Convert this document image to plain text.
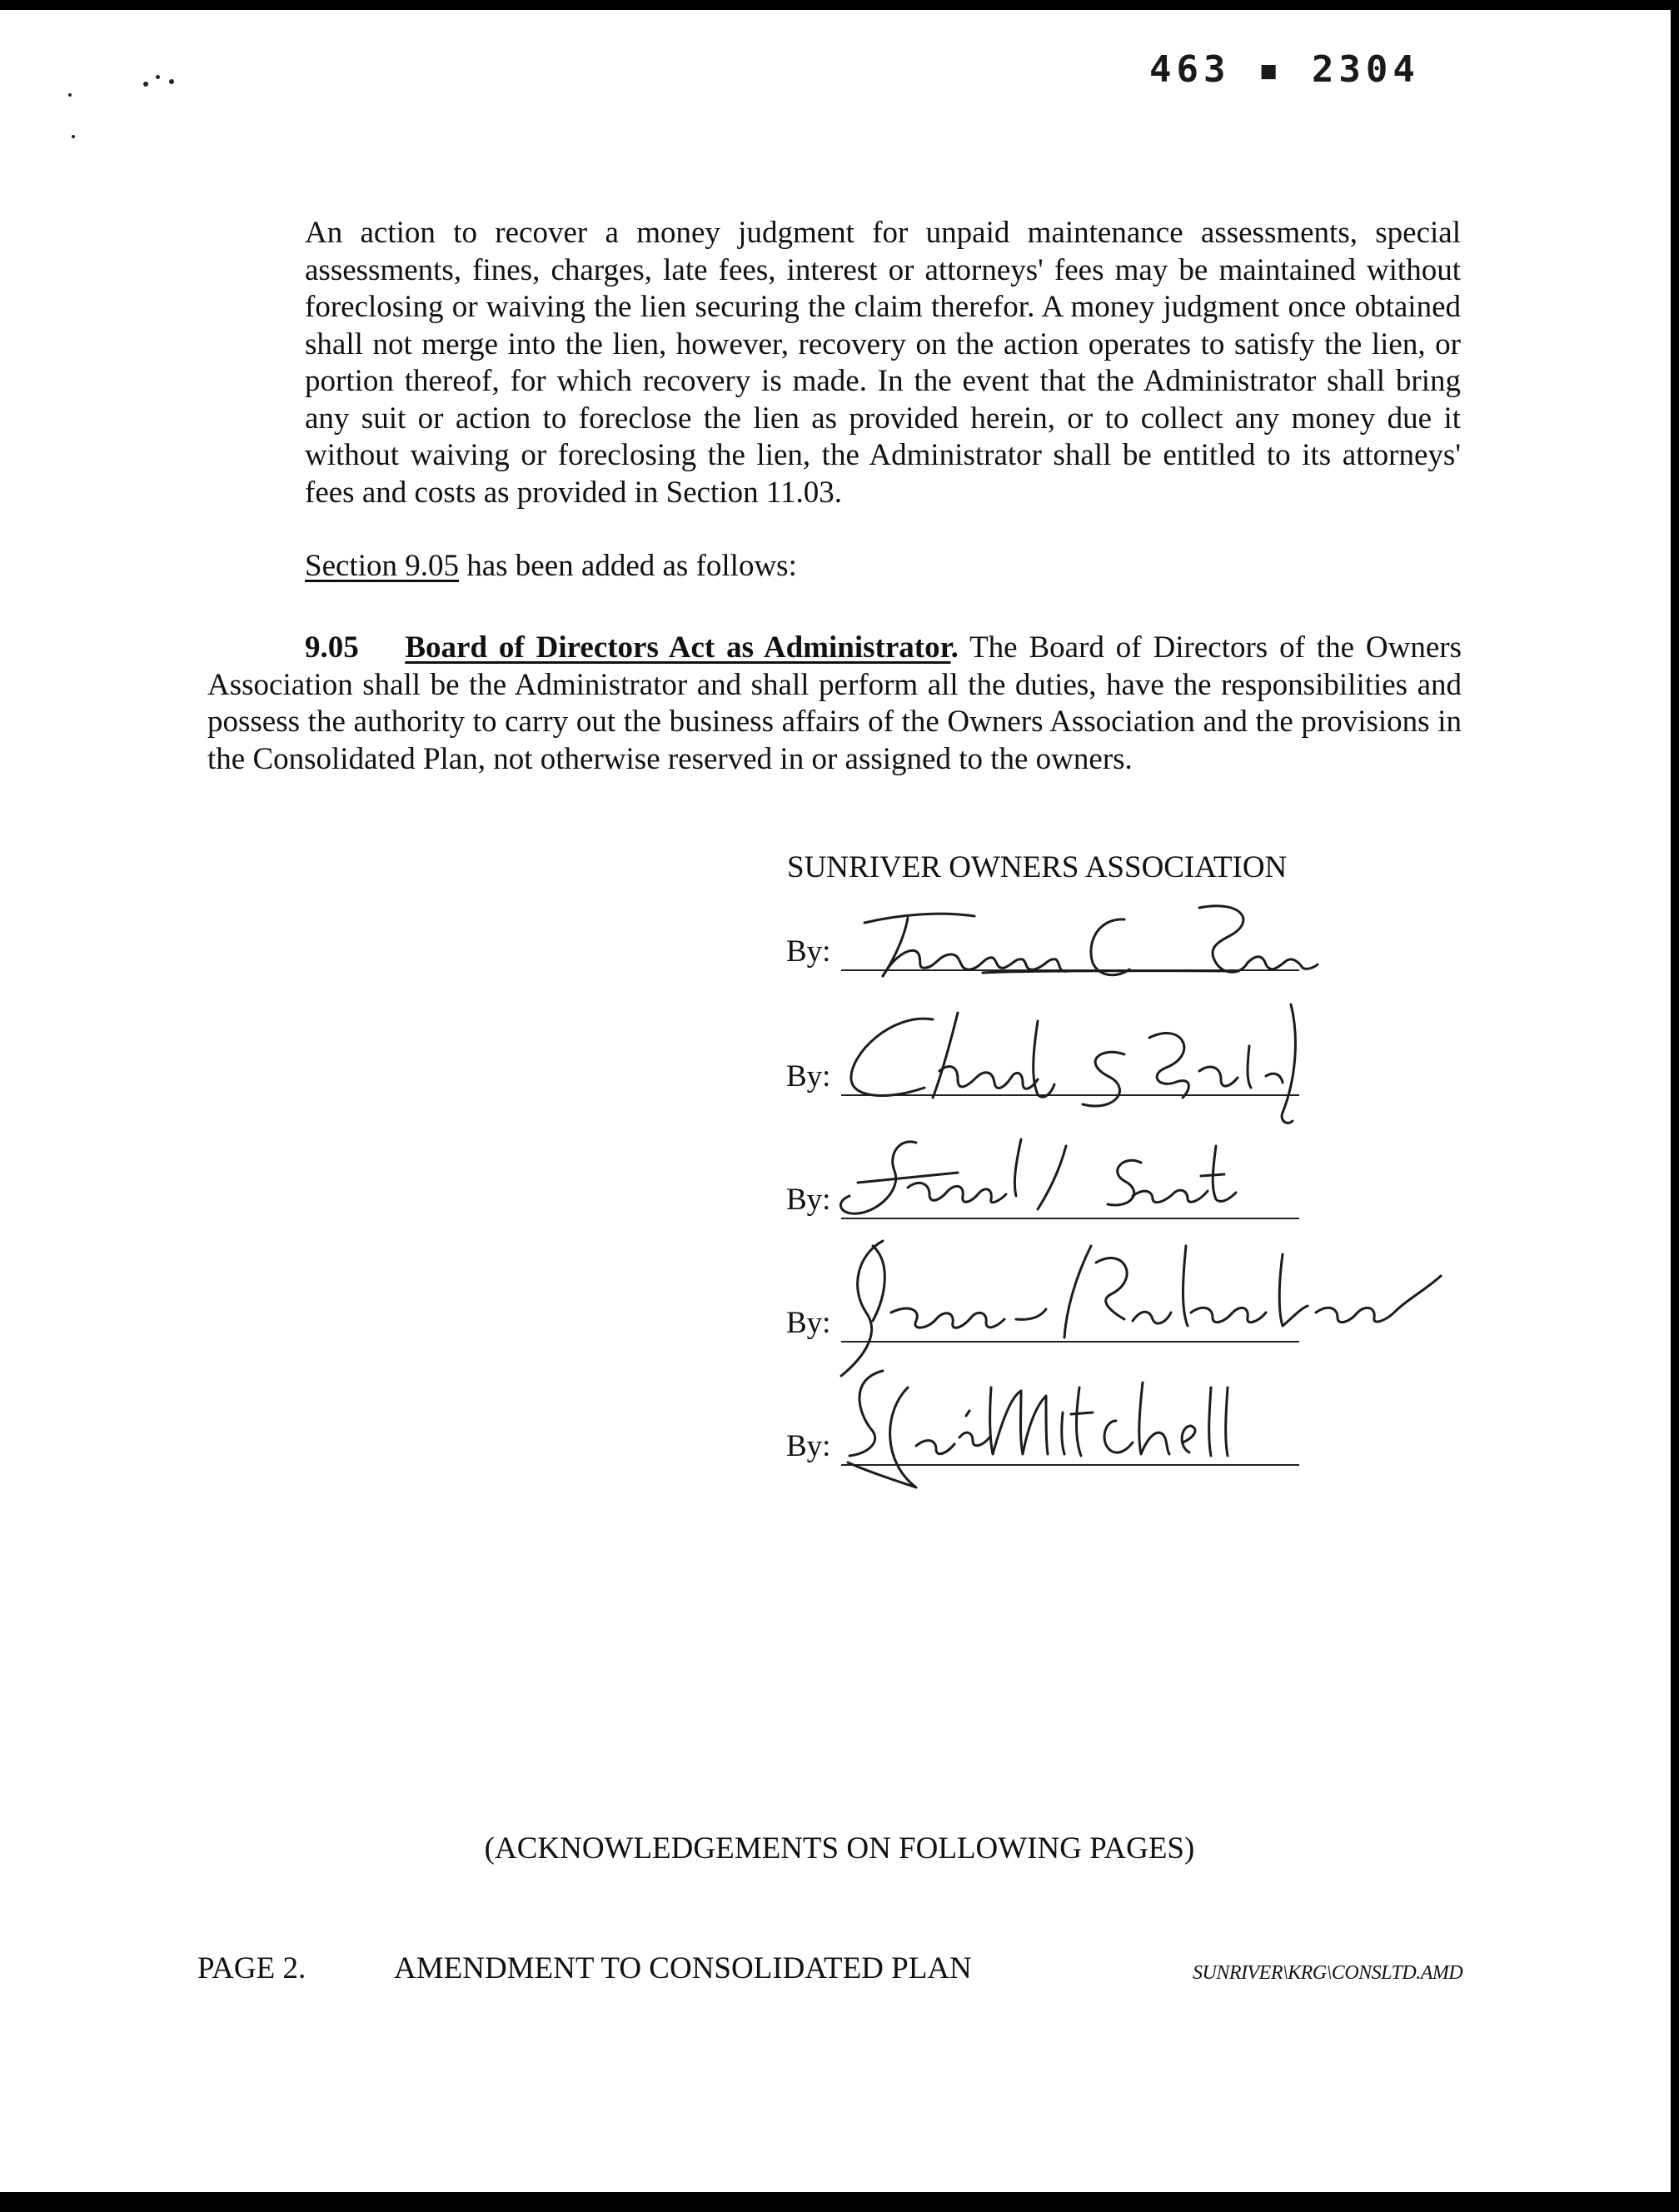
463 ▪ 2304
An action to recover a money judgment for unpaid maintenance assessments, special assessments, fines, charges, late fees, interest or attorneys' fees may be maintained without foreclosing or waiving the lien securing the claim therefor. A money judgment once obtained shall not merge into the lien, however, recovery on the action operates to satisfy the lien, or portion thereof, for which recovery is made. In the event that the Administrator shall bring any suit or action to foreclose the lien as provided herein, or to collect any money due it without waiving or foreclosing the lien, the Administrator shall be entitled to its attorneys' fees and costs as provided in Section 11.03.
Section 9.05 has been added as follows:
9.05 Board of Directors Act as Administrator. The Board of Directors of the Owners Association shall be the Administrator and shall perform all the duties, have the responsibilities and possess the authority to carry out the business affairs of the Owners Association and the provisions in the Consolidated Plan, not otherwise reserved in or assigned to the owners.
SUNRIVER OWNERS ASSOCIATION
By:
By:
By:
By:
By:
(ACKNOWLEDGEMENTS ON FOLLOWING PAGES)
PAGE 2.	AMENDMENT TO CONSOLIDATED PLAN	SUNRIVER\KRG\CONSLTD.AMD
